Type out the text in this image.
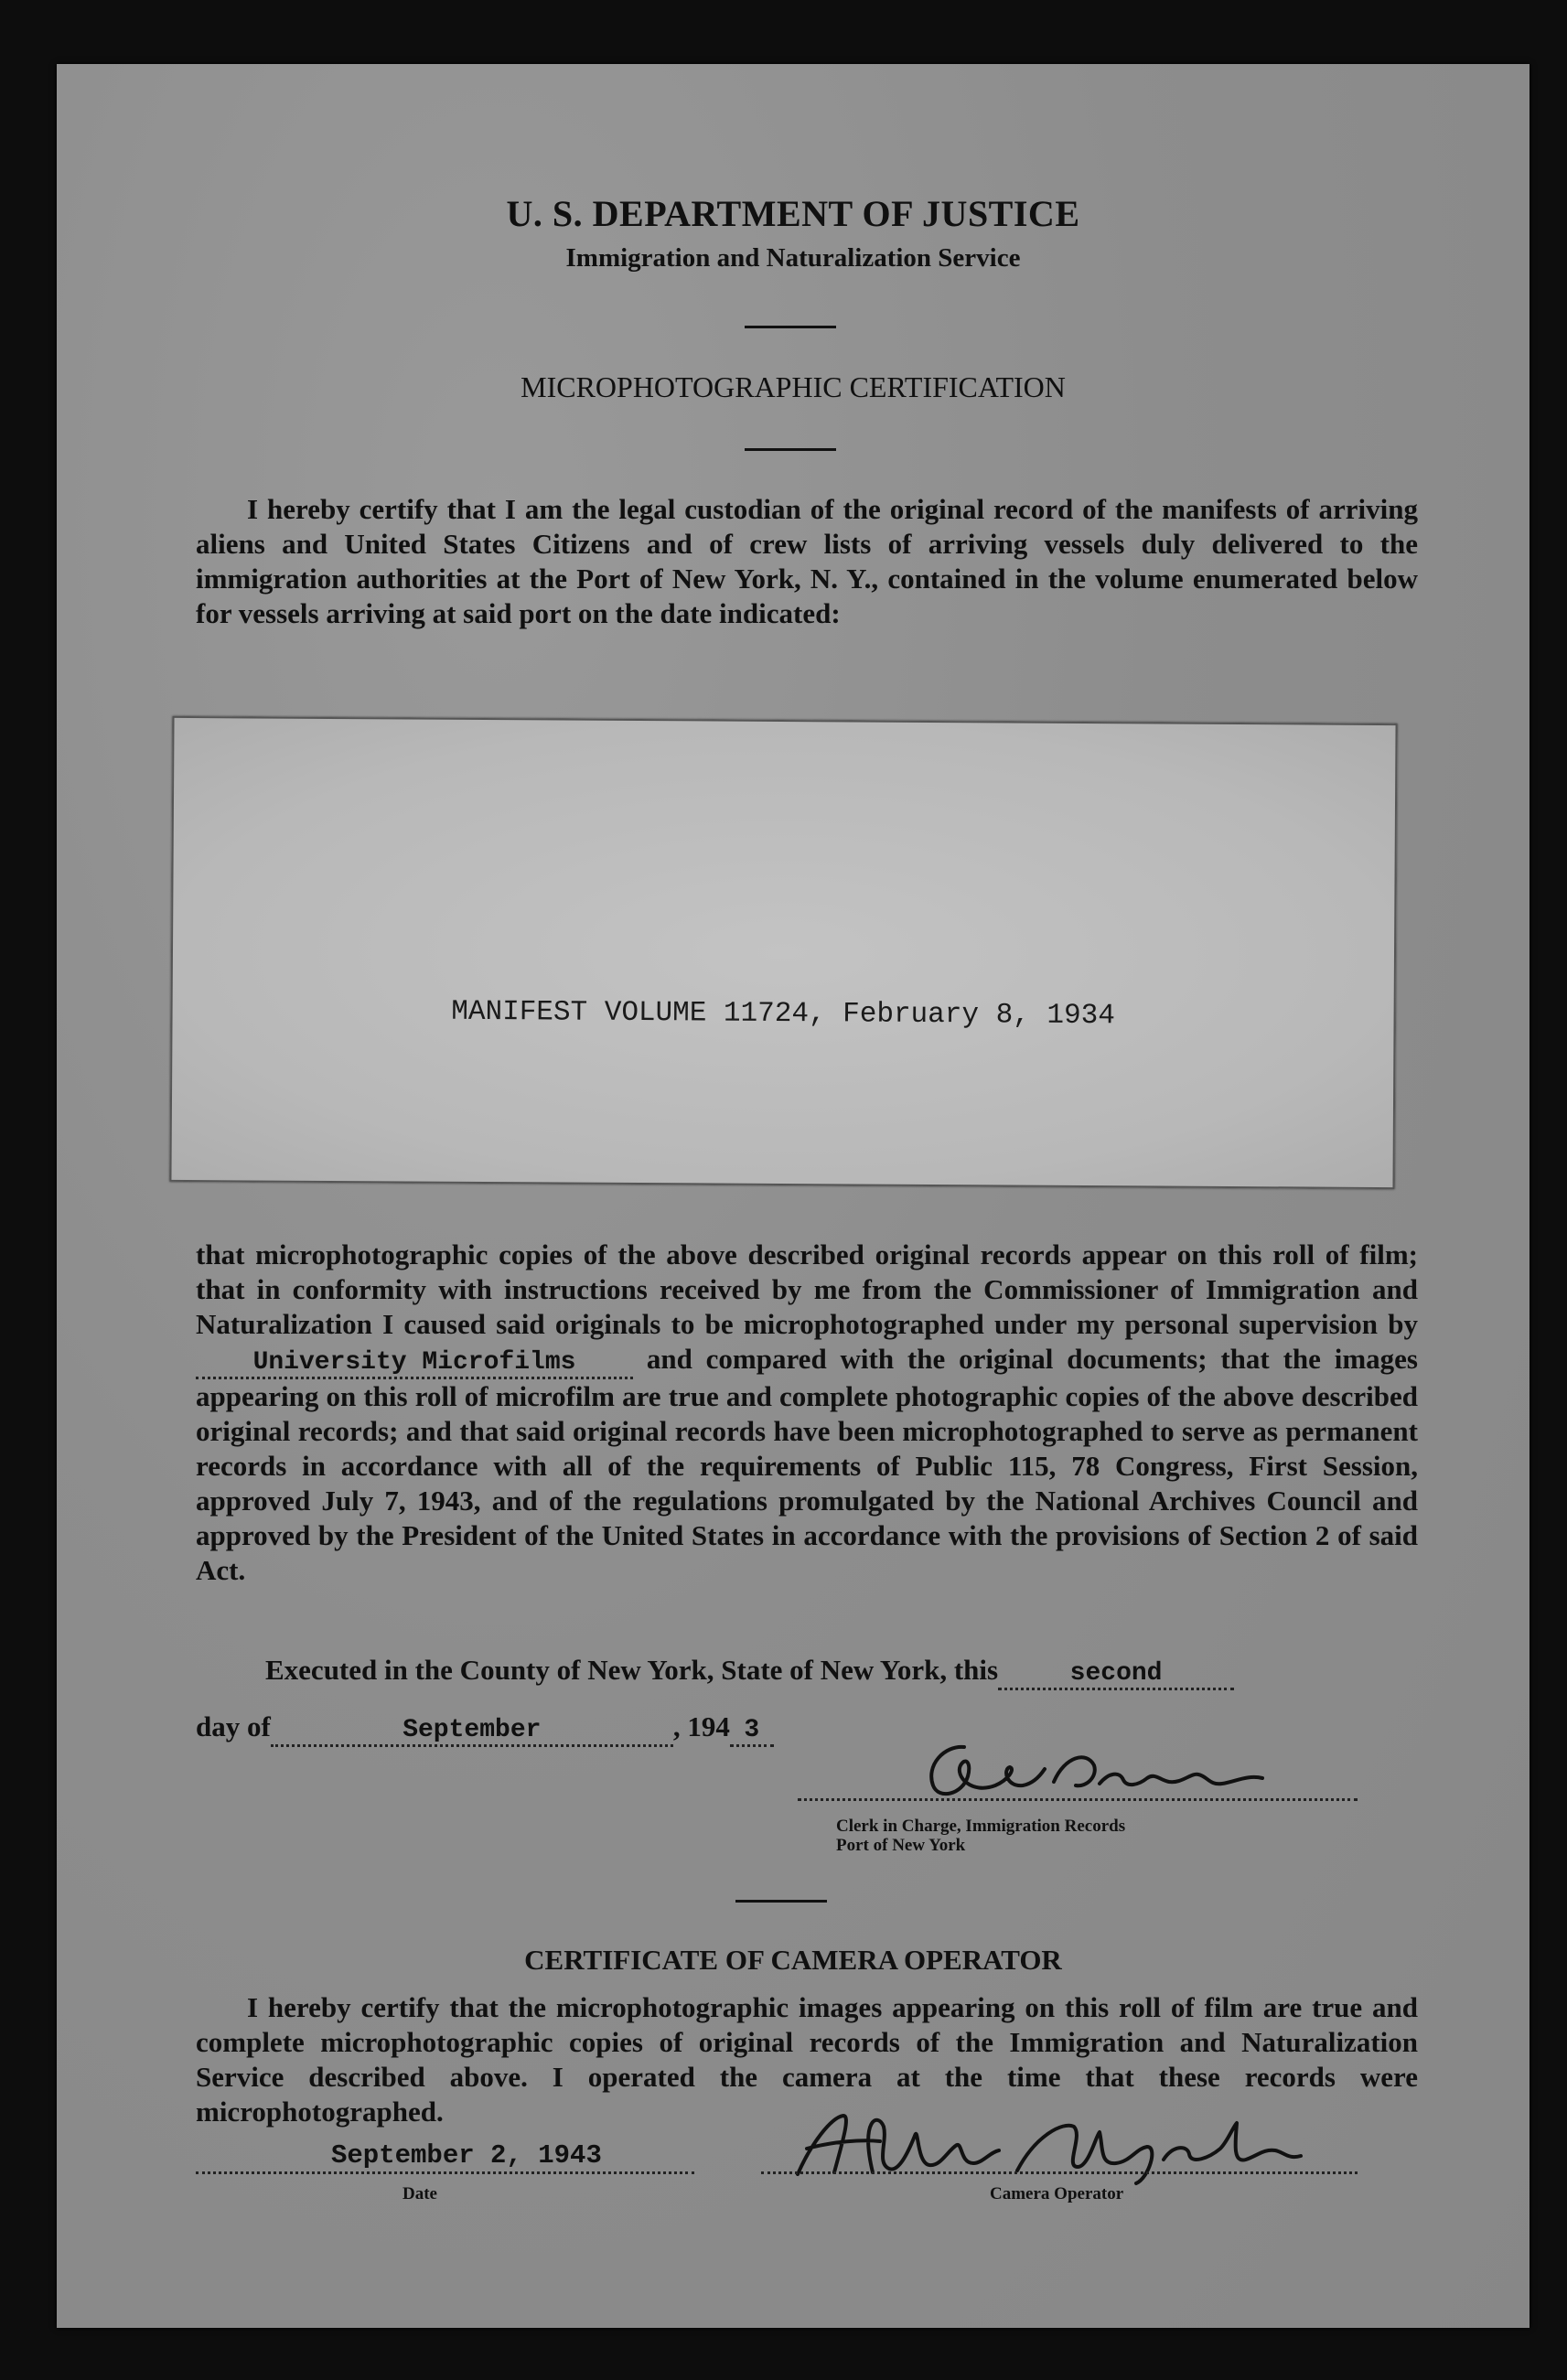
U. S. DEPARTMENT OF JUSTICE
Immigration and Naturalization Service
MICROPHOTOGRAPHIC CERTIFICATION

I hereby certify that I am the legal custodian of the original record of the manifests of arriving aliens and United States Citizens and of crew lists of arriving vessels duly delivered to the immigration authorities at the Port of New York, N. Y., contained in the volume enumerated below for vessels arriving at said port on the date indicated:

MANIFEST VOLUME 11724, February 8, 1934

that microphotographic copies of the above described original records appear on this roll of film; that in conformity with instructions received by me from the Commissioner of Immigration and Naturalization I caused said originals to be microphotographed under my personal supervision by University Microfilms and compared with the original documents; that the images appearing on this roll of microfilm are true and complete photographic copies of the above described original records; and that said original records have been microphotographed to serve as permanent records in accordance with all of the requirements of Public 115, 78 Congress, First Session, approved July 7, 1943, and of the regulations promulgated by the National Archives Council and approved by the President of the United States in accordance with the provisions of Section 2 of said Act.

Executed in the County of New York, State of New York, this	second
day of	September	, 194 3
Clerk in Charge, Immigration Records
Port of New York
CERTIFICATE OF CAMERA OPERATOR

I hereby certify that the microphotographic images appearing on this roll of film are true and complete microphotographic copies of original records of the Immigration and Naturalization Service described above. I operated the camera at the time that these records were microphotographed.

September 2, 1943
Date	Camera Operator
